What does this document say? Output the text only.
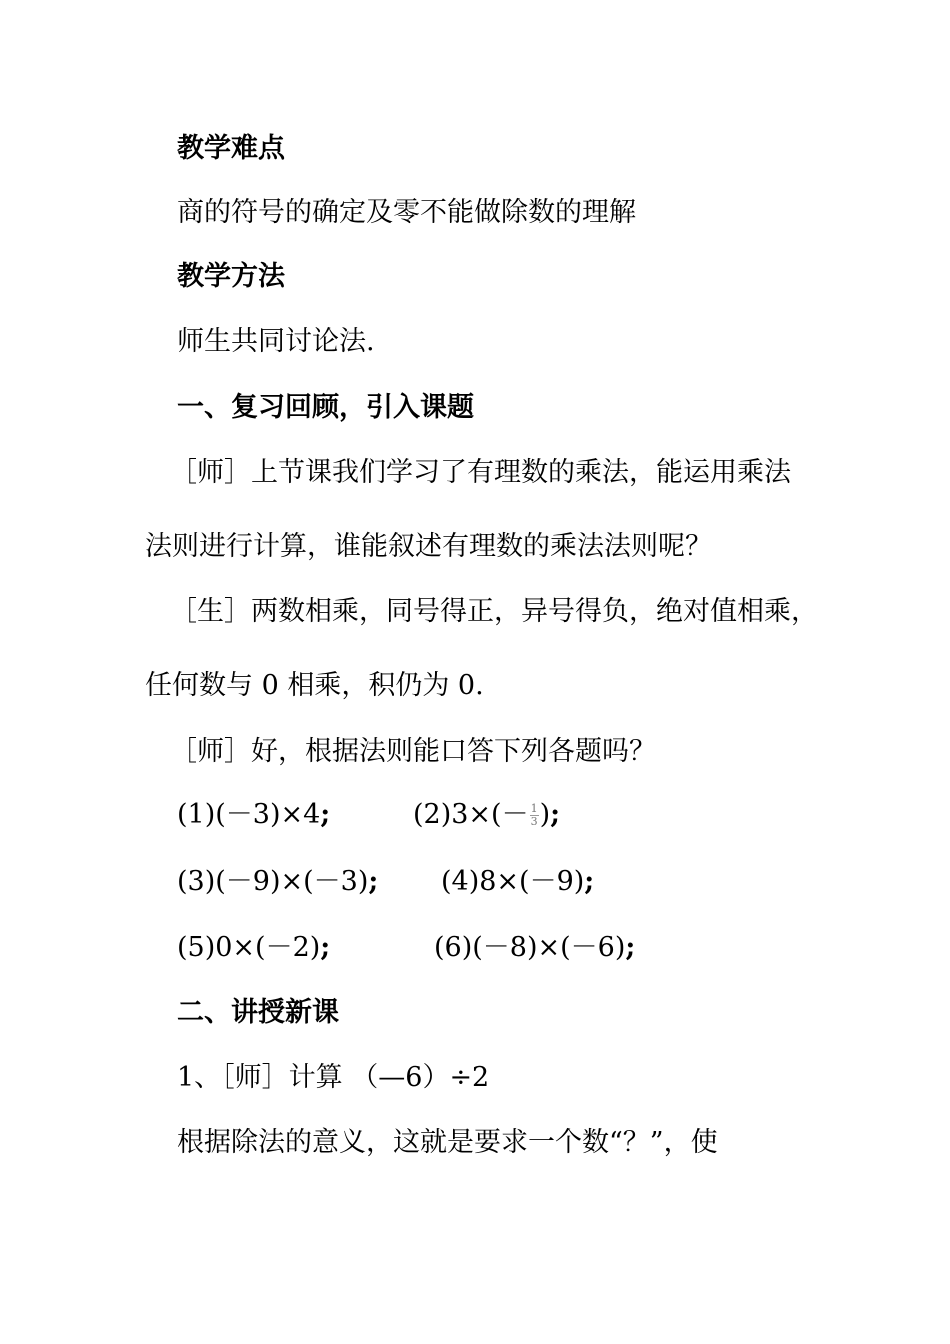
教学难点
商的符号的确定及零不能做除数的理解
教学方法
师生共同讨论法.
一、复习回顾，引入课题
［师］上节课我们学习了有理数的乘法，能运用乘法
法则进行计算，谁能叙述有理数的乘法法则呢？
［生］两数相乘，同号得正，异号得负，绝对值相乘，
任何数与 0 相乘，积仍为 0.
［师］好，根据法则能口答下列各题吗？
(1)(－3)×4;	$(2)3\times(- \frac{1}{3}$ );
(3)(－9)×(－3); (4)8×(－9);
(5)0×(－2);	(6)(－8)×(－6);
二、讲授新课
1、［师］计算 （—6）÷2
根据除法的意义，这就是要求一个数“？”，使
